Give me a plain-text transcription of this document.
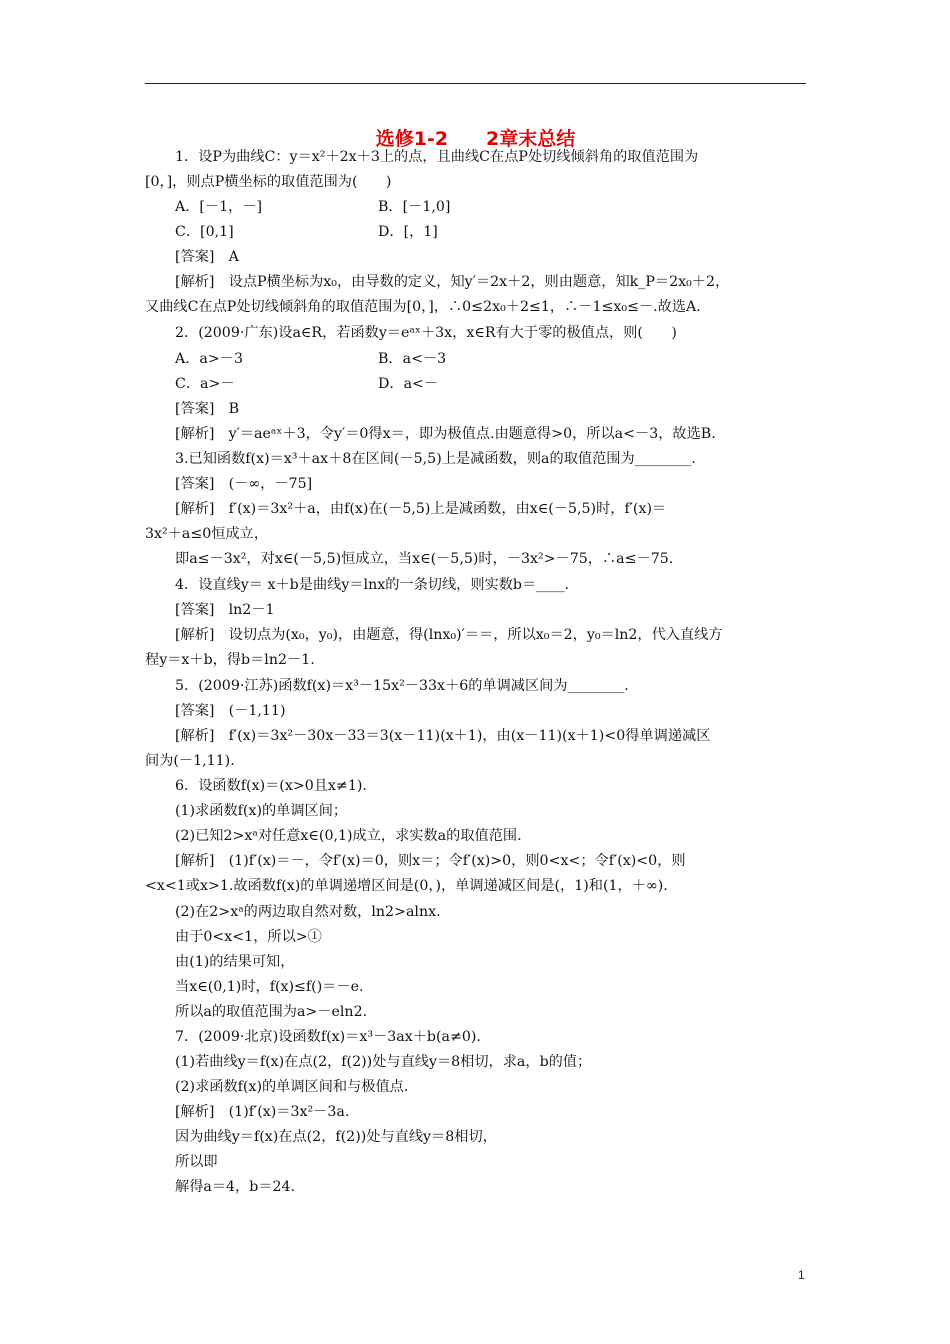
选修1-2　　2章末总结
1．设P为曲线C：y＝x²＋2x＋3上的点，且曲线C在点P处切线倾斜角的取值范围为
[0，]，则点P横坐标的取值范围为(　　)
A．[－1，－]	B．[－1,0]
C．[0,1]	D．[，1]
[答案]　A
[解析]　设点P横坐标为x₀，由导数的定义，知y′＝2x＋2，则由题意，知k_P＝2x₀＋2，
又曲线C在点P处切线倾斜角的取值范围为[0，]，∴0≤2x₀＋2≤1，∴－1≤x₀≤－.故选A.
2．(2009·广东)设a∈R，若函数y＝eᵃˣ＋3x，x∈R有大于零的极值点，则(　　)
A．a>－3	B．a<－3
C．a>－	D．a<－
[答案]　B
[解析]　y′＝aeᵃˣ＋3，令y′＝0得x＝，即为极值点.由题意得>0，所以a<－3，故选B.
3.已知函数f(x)＝x³＋ax＋8在区间(－5,5)上是减函数，则a的取值范围为________.
[答案]　(－∞，－75]
[解析]　f′(x)＝3x²＋a，由f(x)在(－5,5)上是减函数，由x∈(－5,5)时，f′(x)＝
3x²＋a≤0恒成立，
即a≤－3x²，对x∈(－5,5)恒成立，当x∈(－5,5)时，－3x²>－75，∴a≤－75.
4．设直线y＝ x＋b是曲线y＝lnx的一条切线，则实数b＝____.
[答案]　ln2－1
[解析]　设切点为(x₀，y₀)，由题意，得(lnx₀)′＝＝，所以x₀＝2，y₀＝ln2，代入直线方
程y＝x＋b，得b＝ln2－1.
5．(2009·江苏)函数f(x)＝x³－15x²－33x＋6的单调减区间为________.
[答案]　(－1,11)
[解析]　f′(x)＝3x²－30x－33＝3(x－11)(x＋1)，由(x－11)(x＋1)<0得单调递减区
间为(－1,11).
6．设函数f(x)＝(x>0且x≠1).
(1)求函数f(x)的单调区间；
(2)已知2>xᵃ对任意x∈(0,1)成立，求实数a的取值范围.
[解析]　(1)f′(x)＝－，令f′(x)＝0，则x＝；令f′(x)>0，则0<x<；令f′(x)<0，则
<x<1或x>1.故函数f(x)的单调递增区间是(0，)，单调递减区间是(，1)和(1，＋∞).
(2)在2>xᵃ的两边取自然对数，ln2>alnx.
由于0<x<1，所以>①
由(1)的结果可知，
当x∈(0,1)时，f(x)≤f()＝－e.
所以a的取值范围为a>－eln2.
7．(2009·北京)设函数f(x)＝x³－3ax＋b(a≠0).
(1)若曲线y＝f(x)在点(2，f(2))处与直线y＝8相切，求a，b的值；
(2)求函数f(x)的单调区间和与极值点.
[解析]　(1)f′(x)＝3x²－3a.
因为曲线y＝f(x)在点(2，f(2))处与直线y＝8相切，
所以即
解得a＝4，b＝24.
1
